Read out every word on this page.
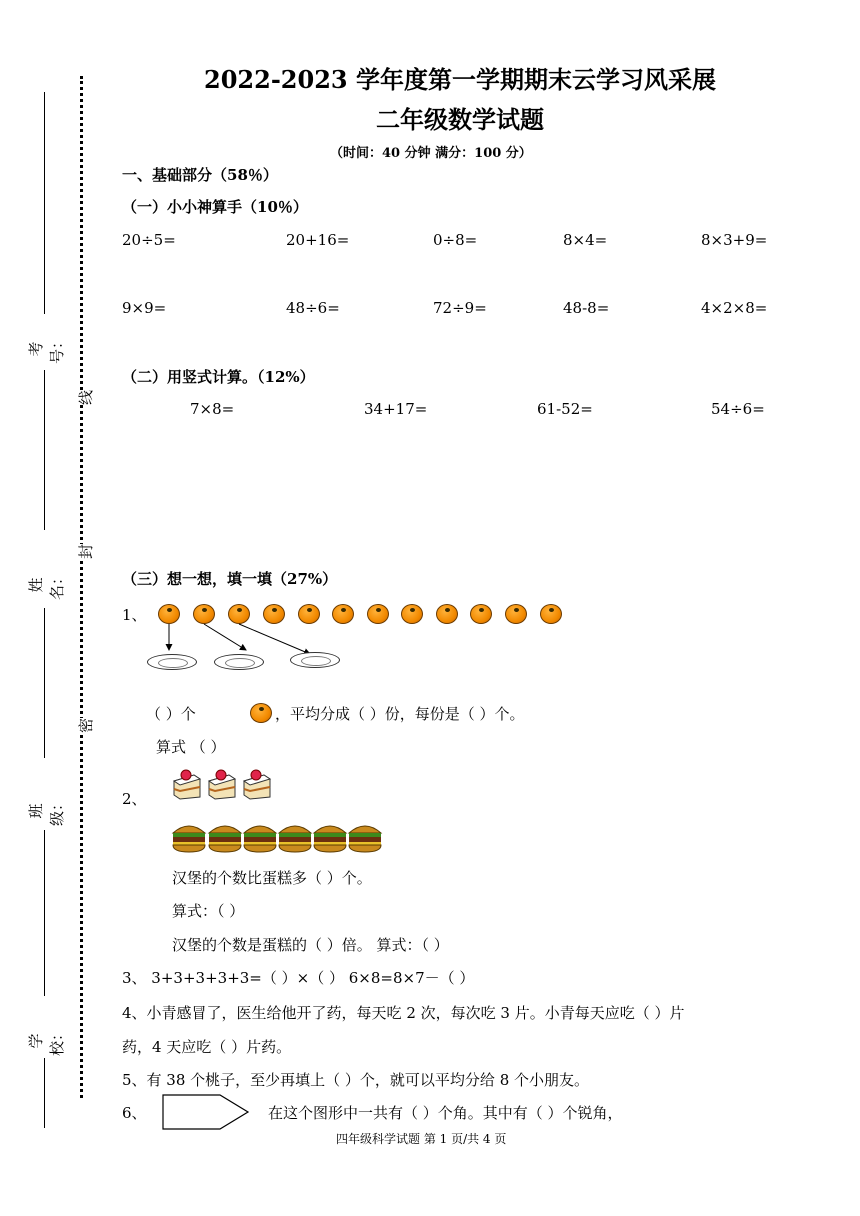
考号：
姓名：
班级：
学校：
线
封
密
2022-2023 学年度第一学期期末云学习风采展
二年级数学试题
（时间：40 分钟 满分：100 分）
一、基础部分（58％）
（一）小小神算手（10％）
20÷5=	20+16=	0÷8=	8×4=	8×3+9=
9×9=	48÷6=	72÷9=	48-8=	4×2×8=
（二）用竖式计算。（12%）
7×8=	34+17=	61-52=	54÷6=
（三）想一想，填一填（27%）
1、
（ ）个	，平均分成（ ）份，每份是（ ）个。
算式 （ ）
2、
汉堡的个数比蛋糕多（ ）个。
算式：（ ）
汉堡的个数是蛋糕的（ ）倍。 算式：（ ）
3、 3+3+3+3+3=（ ）×（ ） 6×8=8×7－（ ）
4、小青感冒了，医生给他开了药，每天吃 2 次，每次吃 3 片。小青每天应吃（ ）片
药，4 天应吃（ ）片药。
5、有 38 个桃子，至少再填上（ ）个，就可以平均分给 8 个小朋友。
6、	在这个图形中一共有（ ）个角。其中有（ ）个锐角，
四年级科学试题 第 1 页/共 4 页
